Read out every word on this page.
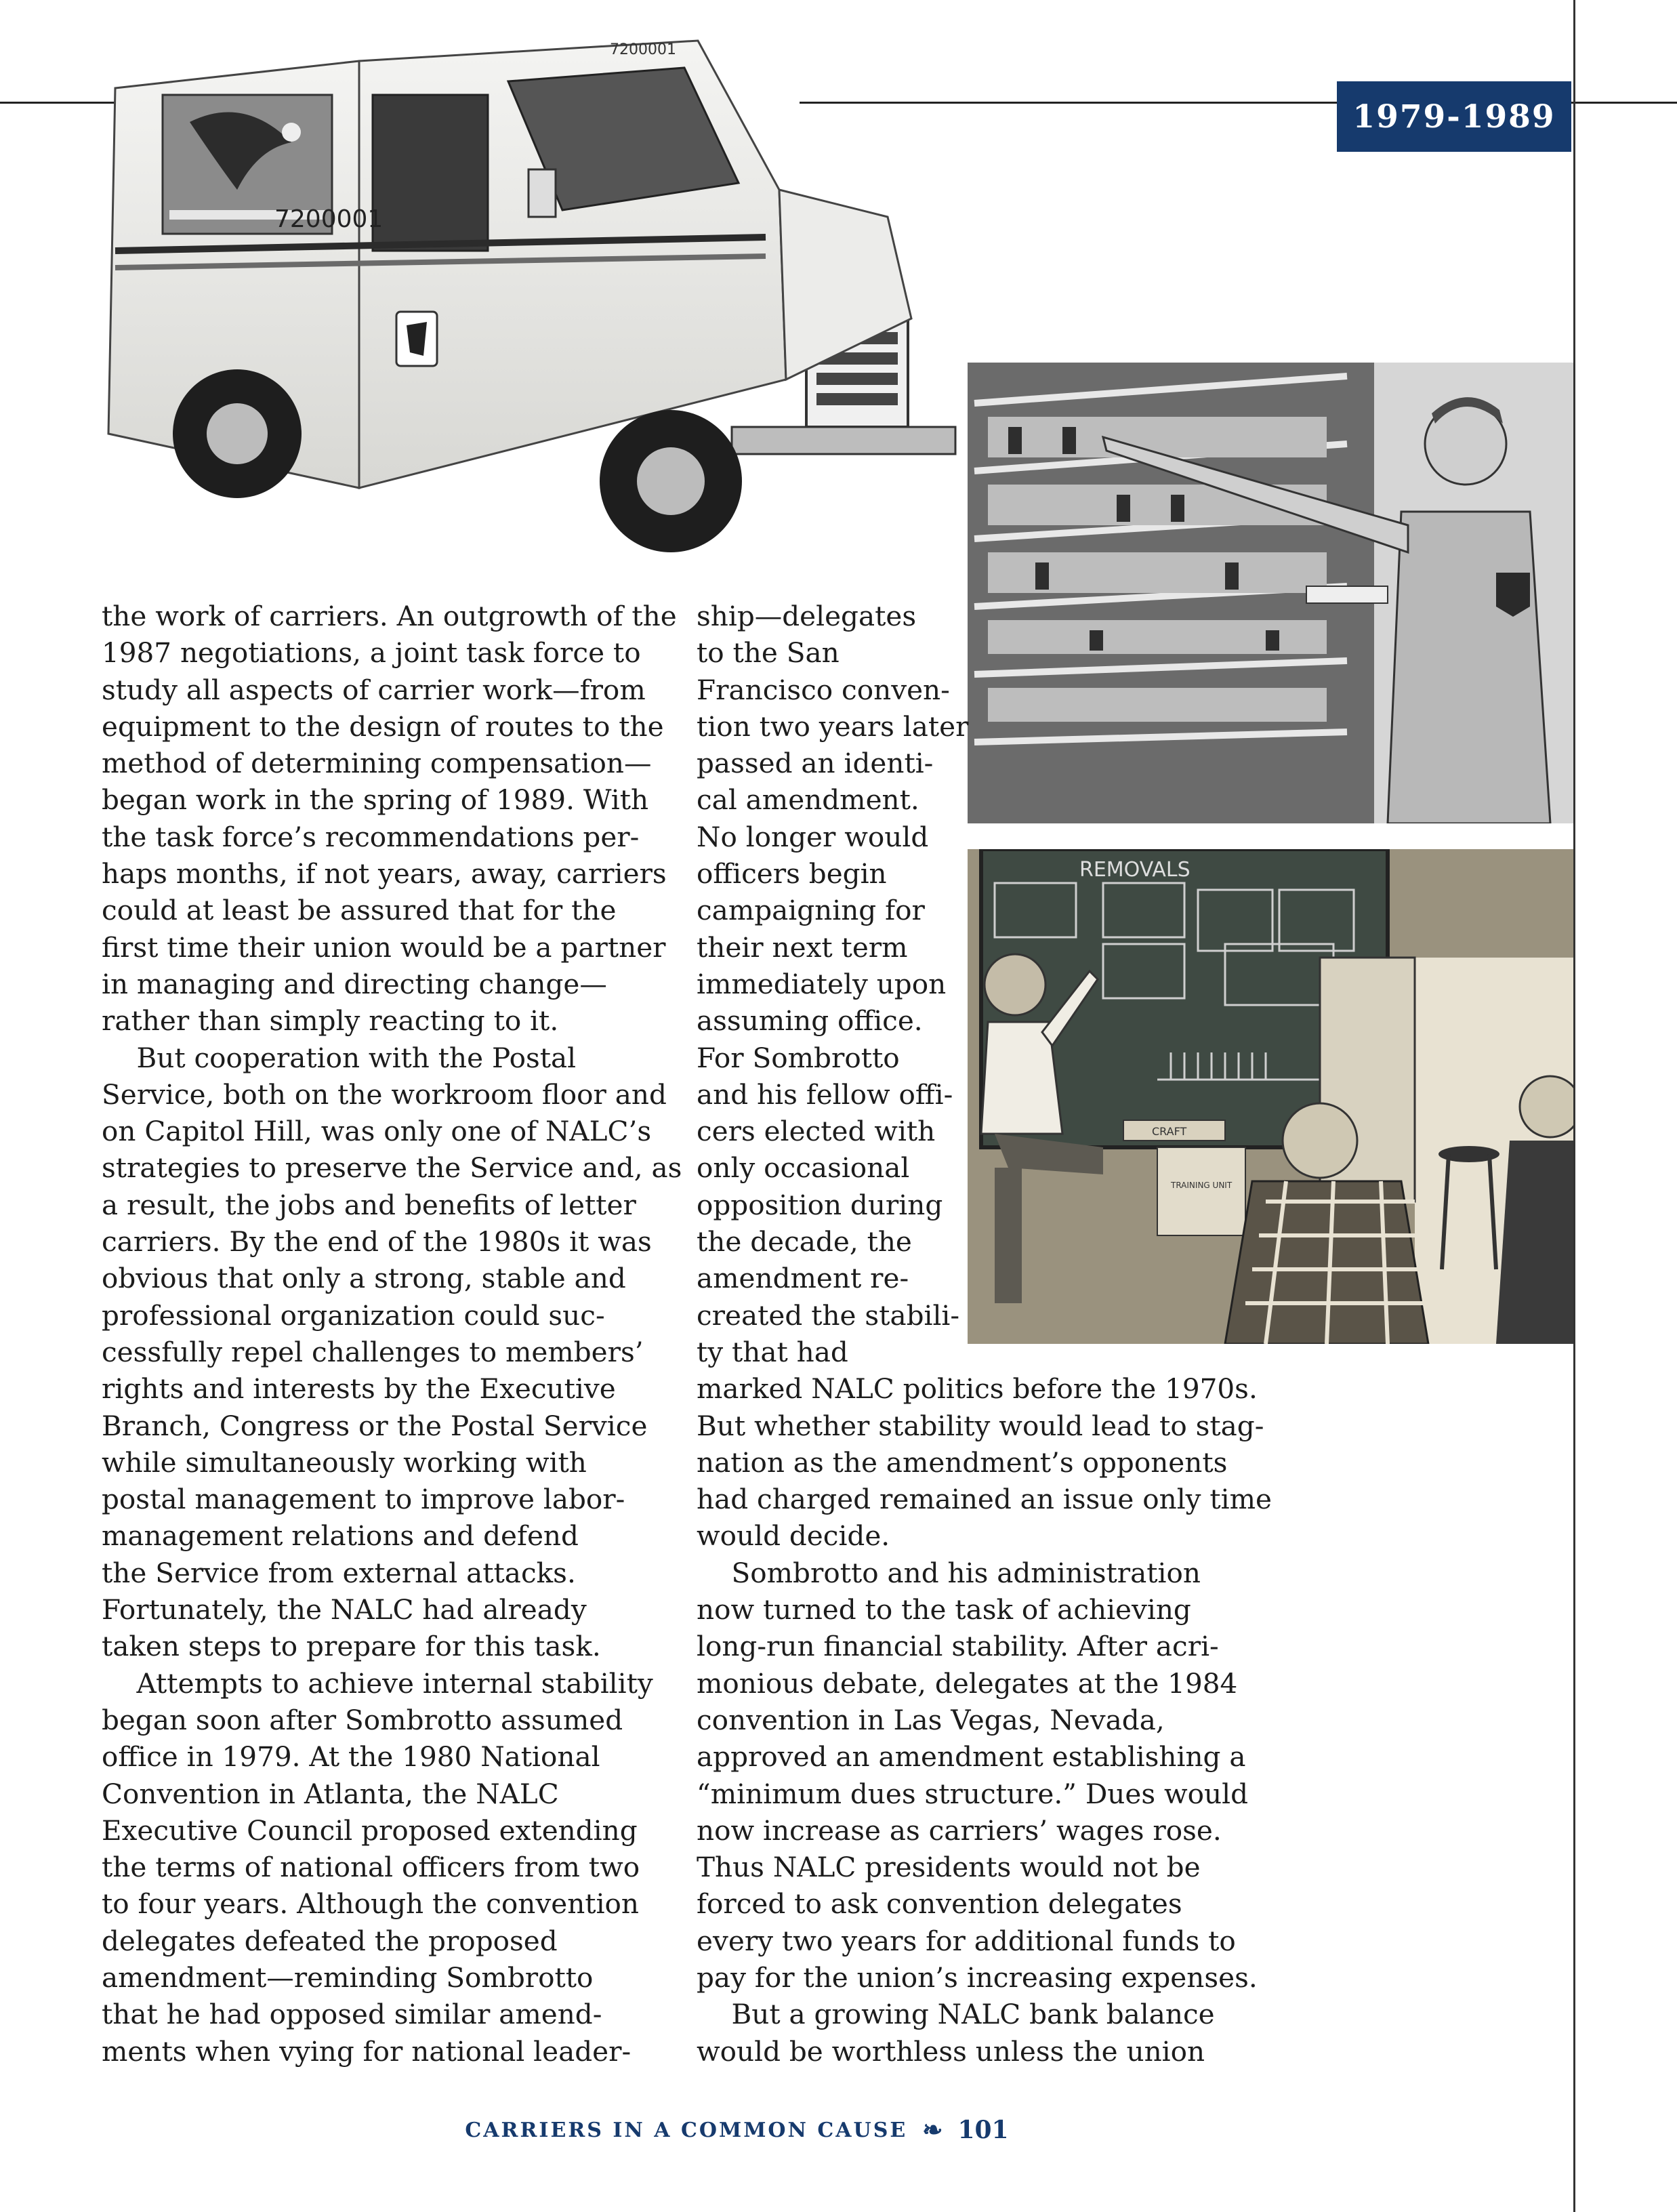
1979-1989
7200001
7200001
REMOVALS
CRAFT
TRAINING UNIT
the work of carriers. An outgrowth of the
1987 negotiations, a joint task force to
study all aspects of carrier work—from
equipment to the design of routes to the
method of determining compensation—
began work in the spring of 1989. With
the task force’s recommendations per-
haps months, if not years, away, carriers
could at least be assured that for the
first time their union would be a partner
in managing and directing change—
rather than simply reacting to it.
But cooperation with the Postal
Service, both on the workroom floor and
on Capitol Hill, was only one of NALC’s
strategies to preserve the Service and, as
a result, the jobs and benefits of letter
carriers. By the end of the 1980s it was
obvious that only a strong, stable and
professional organization could suc-
cessfully repel challenges to members’
rights and interests by the Executive
Branch, Congress or the Postal Service
while simultaneously working with
postal management to improve labor-
management relations and defend
the Service from external attacks.
Fortunately, the NALC had already
taken steps to prepare for this task.
Attempts to achieve internal stability
began soon after Sombrotto assumed
office in 1979. At the 1980 National
Convention in Atlanta, the NALC
Executive Council proposed extending
the terms of national officers from two
to four years. Although the convention
delegates defeated the proposed
amendment—reminding Sombrotto
that he had opposed similar amend-
ments when vying for national leader-
ship—delegates
to the San
Francisco conven-
tion two years later
passed an identi-
cal amendment.
No longer would
officers begin
campaigning for
their next term
immediately upon
assuming office.
For Sombrotto
and his fellow offi-
cers elected with
only occasional
opposition during
the decade, the
amendment re-
created the stabili-
ty that had
marked NALC politics before the 1970s.
But whether stability would lead to stag-
nation as the amendment’s opponents
had charged remained an issue only time
would decide.
Sombrotto and his administration
now turned to the task of achieving
long-run financial stability. After acri-
monious debate, delegates at the 1984
convention in Las Vegas, Nevada,
approved an amendment establishing a
“minimum dues structure.” Dues would
now increase as carriers’ wages rose.
Thus NALC presidents would not be
forced to ask convention delegates
every two years for additional funds to
pay for the union’s increasing expenses.
But a growing NALC bank balance
would be worthless unless the union
CARRIERS IN A COMMON CAUSE ❧ 101
